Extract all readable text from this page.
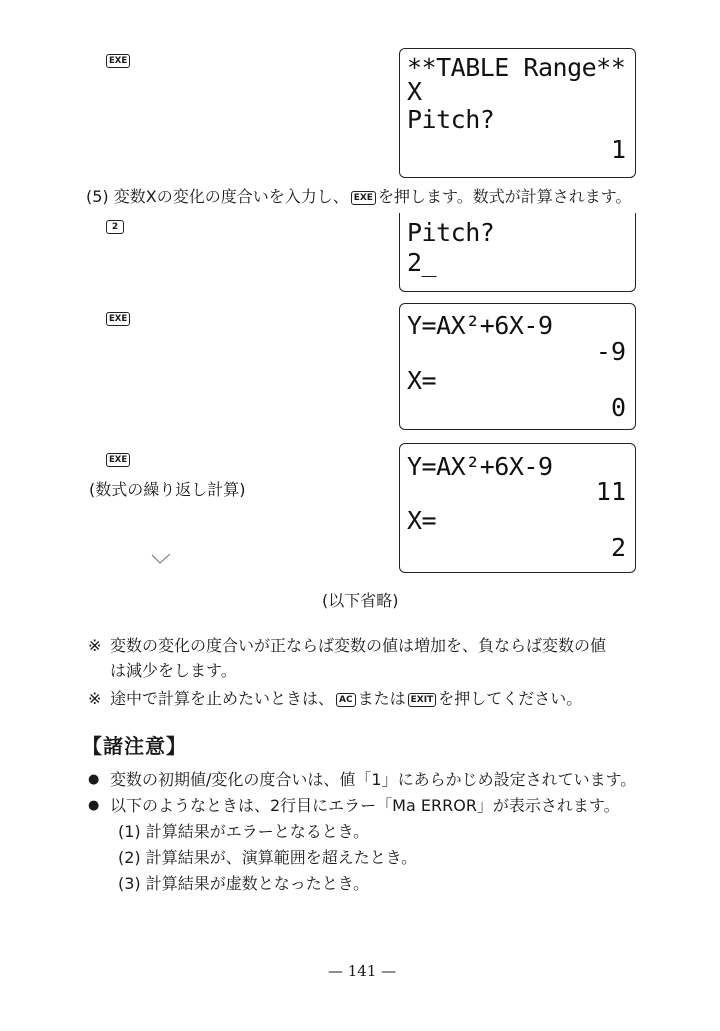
EXE	**TABLE Range**
X
Pitch?
1
(5) 変数Xの変化の度合いを入力し、 EXE を押します。数式が計算されます。
2	Pitch?
2_
EXE	Y=AX²+6X-9
-9
X=
0
EXE
(数式の繰り返し計算)
Y=AX²+6X-9
11
X=
2
(以下省略)
※ 変数の変化の度合いが正ならば変数の値は増加を、負ならば変数の値
は減少をします。
※ 途中で計算を止めたいときは、 AC または EXIT を押してください。
【諸注意】
● 変数の初期値/変化の度合いは、値「1」にあらかじめ設定されています。
● 以下のようなときは、2行目にエラー「Ma ERROR」が表示されます。
(1) 計算結果がエラーとなるとき。
(2) 計算結果が、演算範囲を超えたとき。
(3) 計算結果が虚数となったとき。
— 141 —
